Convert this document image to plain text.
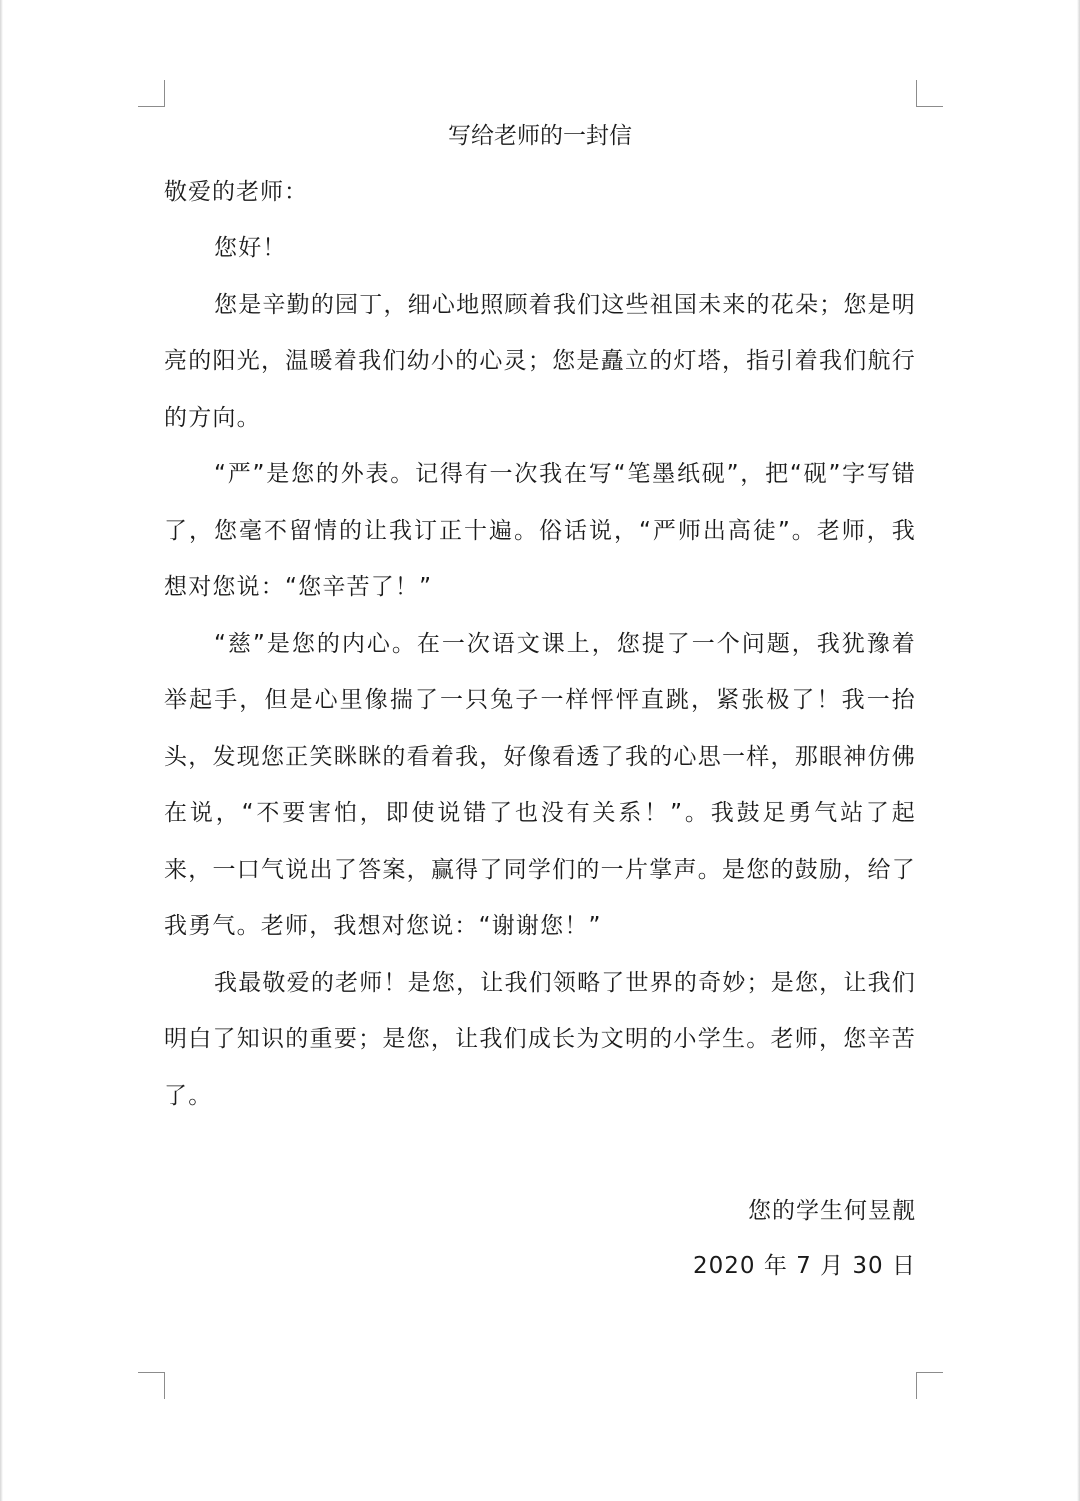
写给老师的一封信

敬爱的老师：

您好！

您是辛勤的园丁，细心地照顾着我们这些祖国未来的花朵；您是明亮的阳光，温暖着我们幼小的心灵；您是矗立的灯塔，指引着我们航行的方向。

“严”是您的外表。记得有一次我在写“笔墨纸砚”，把“砚”字写错了，您毫不留情的让我订正十遍。俗话说，“严师出高徒”。老师，我想对您说：“您辛苦了！”

“慈”是您的内心。在一次语文课上，您提了一个问题，我犹豫着举起手，但是心里像揣了一只兔子一样怦怦直跳，紧张极了！我一抬头，发现您正笑眯眯的看着我，好像看透了我的心思一样，那眼神仿佛在说，“不要害怕，即使说错了也没有关系！”。我鼓足勇气站了起来，一口气说出了答案，赢得了同学们的一片掌声。是您的鼓励，给了我勇气。老师，我想对您说：“谢谢您！”

我最敬爱的老师！是您，让我们领略了世界的奇妙；是您，让我们明白了知识的重要；是您，让我们成长为文明的小学生。老师，您辛苦了。

您的学生何昱靓
2020 年 7 月 30 日
